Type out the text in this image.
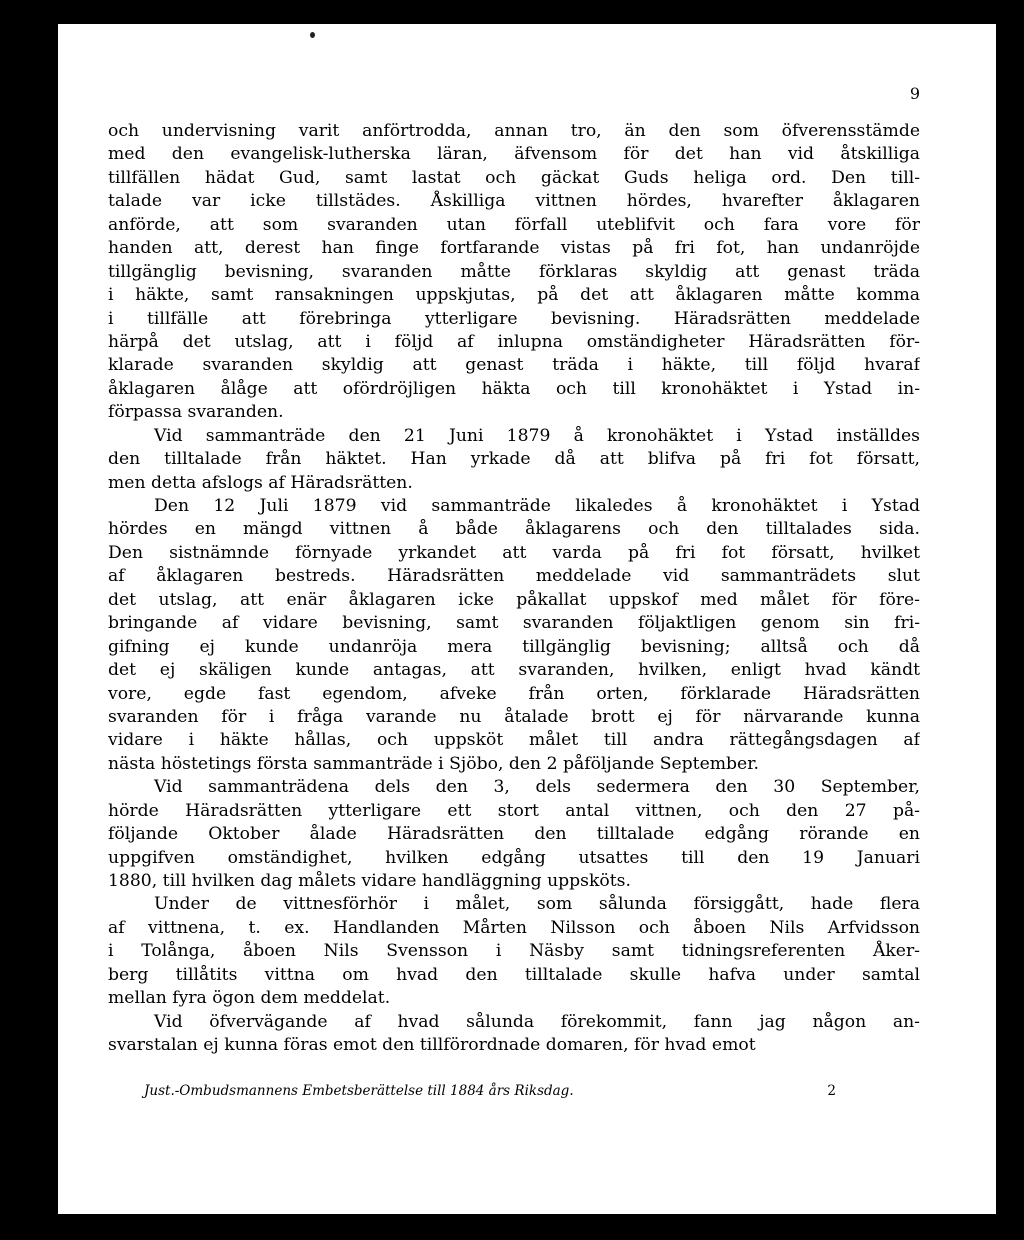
9
och undervisning varit anförtrodda, annan tro, än den som öfverensstämde
med den evangelisk-lutherska läran, äfvensom för det han vid åtskilliga
tillfällen hädat Gud, samt lastat och gäckat Guds heliga ord. Den till-
talade var icke tillstädes. Åskilliga vittnen hördes, hvarefter åklagaren
anförde, att som svaranden utan förfall uteblifvit och fara vore för
handen att, derest han finge fortfarande vistas på fri fot, han undanröjde
tillgänglig bevisning, svaranden måtte förklaras skyldig att genast träda
i häkte, samt ransakningen uppskjutas, på det att åklagaren måtte komma
i tillfälle att förebringa ytterligare bevisning. Häradsrätten meddelade
härpå det utslag, att i följd af inlupna omständigheter Häradsrätten för-
klarade svaranden skyldig att genast träda i häkte, till följd hvaraf
åklagaren ålåge att ofördröjligen häkta och till kronohäktet i Ystad in-
förpassa svaranden.
Vid sammanträde den 21 Juni 1879 å kronohäktet i Ystad inställdes
den tilltalade från häktet. Han yrkade då att blifva på fri fot försatt,
men detta afslogs af Häradsrätten.
Den 12 Juli 1879 vid sammanträde likaledes å kronohäktet i Ystad
hördes en mängd vittnen å både åklagarens och den tilltalades sida.
Den sistnämnde förnyade yrkandet att varda på fri fot försatt, hvilket
af åklagaren bestreds. Häradsrätten meddelade vid sammanträdets slut
det utslag, att enär åklagaren icke påkallat uppskof med målet för före-
bringande af vidare bevisning, samt svaranden följaktligen genom sin fri-
gifning ej kunde undanröja mera tillgänglig bevisning; alltså och då
det ej skäligen kunde antagas, att svaranden, hvilken, enligt hvad kändt
vore, egde fast egendom, afveke från orten, förklarade Häradsrätten
svaranden för i fråga varande nu åtalade brott ej för närvarande kunna
vidare i häkte hållas, och uppsköt målet till andra rättegångsdagen af
nästa höstetings första sammanträde i Sjöbo, den 2 påföljande September.
Vid sammanträdena dels den 3, dels sedermera den 30 September,
hörde Häradsrätten ytterligare ett stort antal vittnen, och den 27 på-
följande Oktober ålade Häradsrätten den tilltalade edgång rörande en
uppgifven omständighet, hvilken edgång utsattes till den 19 Januari
1880, till hvilken dag målets vidare handläggning uppsköts.
Under de vittnesförhör i målet, som sålunda försiggått, hade flera
af vittnena, t. ex. Handlanden Mårten Nilsson och åboen Nils Arfvidsson
i Tolånga, åboen Nils Svensson i Näsby samt tidningsreferenten Åker-
berg tillåtits vittna om hvad den tilltalade skulle hafva under samtal
mellan fyra ögon dem meddelat.
Vid öfvervägande af hvad sålunda förekommit, fann jag någon an-
svarstalan ej kunna föras emot den tillförordnade domaren, för hvad emot
Just.-Ombudsmannens Embetsberättelse till 1884 års Riksdag.	2
